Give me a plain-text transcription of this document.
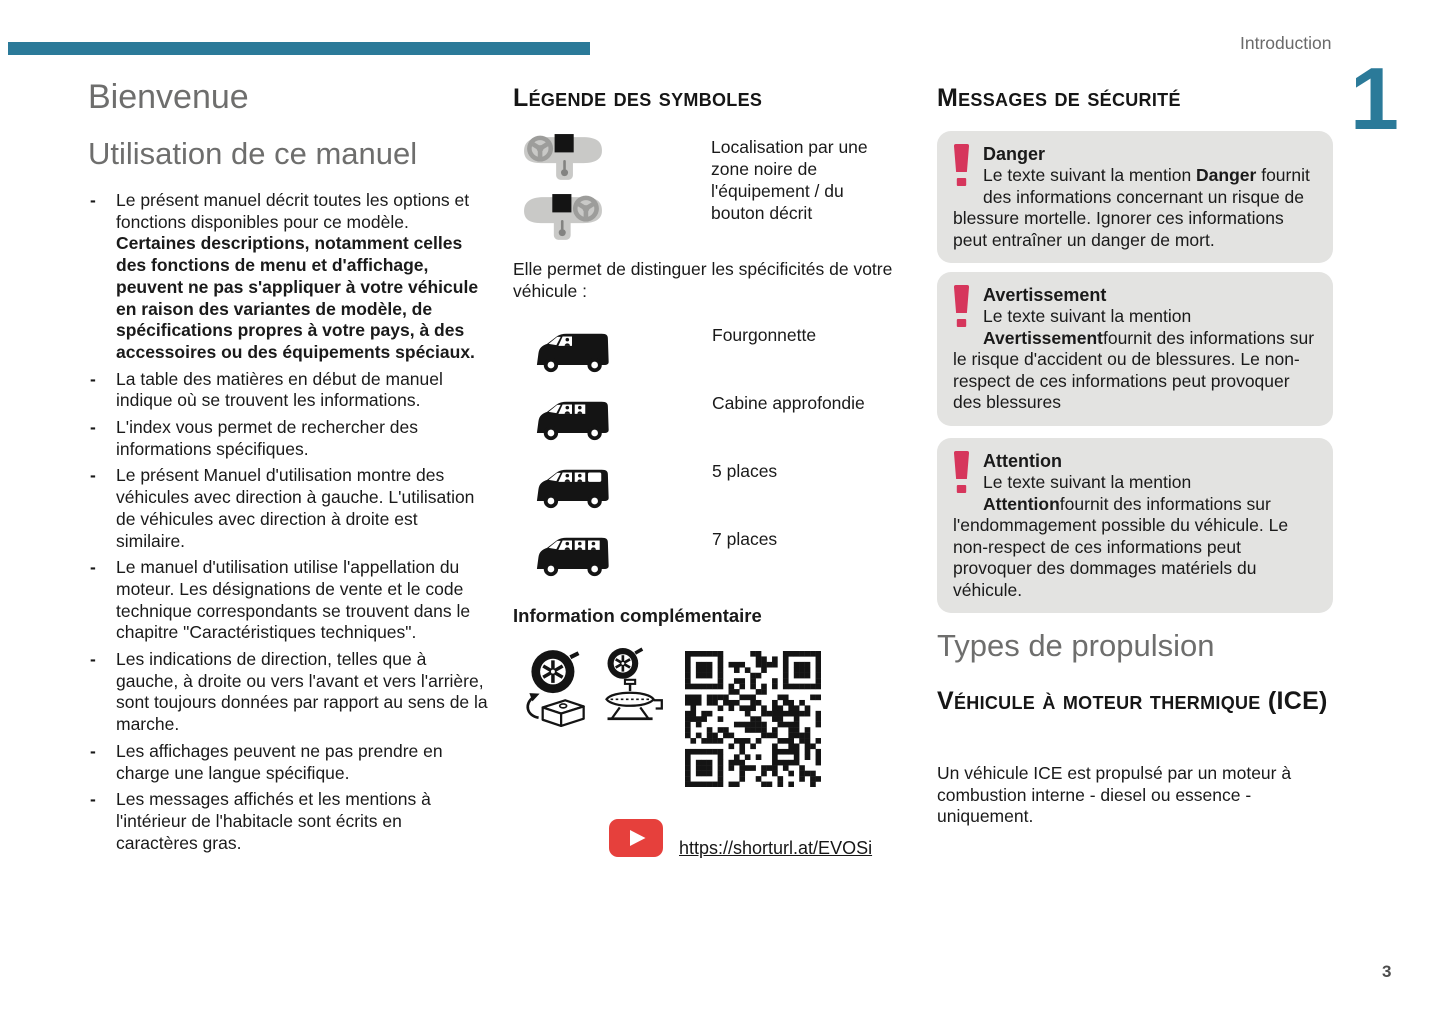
Introduction
1
Bienvenue
Utilisation de ce manuel
- Le présent manuel décrit toutes les options et fonctions disponibles pour ce modèle. Certaines descriptions, notamment celles des fonctions de menu et d'affichage, peuvent ne pas s'appliquer à votre véhicule en raison des variantes de modèle, de spécifications propres à votre pays, à des accessoires ou des équipements spéciaux.
- La table des matières en début de manuel indique où se trouvent les informations.
- L'index vous permet de rechercher des informations spécifiques.
- Le présent Manuel d'utilisation montre des véhicules avec direction à gauche. L'utilisation de véhicules avec direction à droite est similaire.
- Le manuel d'utilisation utilise l'appellation du moteur. Les désignations de vente et le code technique correspondants se trouvent dans le chapitre "Caractéristiques techniques".
- Les indications de direction, telles que à gauche, à droite ou vers l'avant et vers l'arrière, sont toujours données par rapport au sens de la marche.
- Les affichages peuvent ne pas prendre en charge une langue spécifique.
- Les messages affichés et les mentions à l'intérieur de l'habitacle sont écrits en caractères gras.
Légende des symboles
Localisation par une zone noire de l'équipement / du bouton décrit

Elle permet de distinguer les spécificités de votre véhicule :

Fourgonnette
Cabine approfondie
5 places
7 places
Information complémentaire
https://shorturl.at/EVOSi
Messages de sécurité
Danger

Le texte suivant la mention Danger fournit des informations concernant un risque de blessure mortelle. Ignorer ces informations peut entraîner un danger de mort.

Avertissement

Le texte suivant la mention Avertissementfournit des informations sur le risque d'accident ou de blessures. Le non-respect de ces informations peut provoquer des blessures

Attention

Le texte suivant la mention Attentionfournit des informations sur l'endommagement possible du véhicule. Le non-respect de ces informations peut provoquer des dommages matériels du véhicule.

Types de propulsion
Véhicule à moteur thermique (ICE)

Un véhicule ICE est propulsé par un moteur à combustion interne - diesel ou essence - uniquement.

3
